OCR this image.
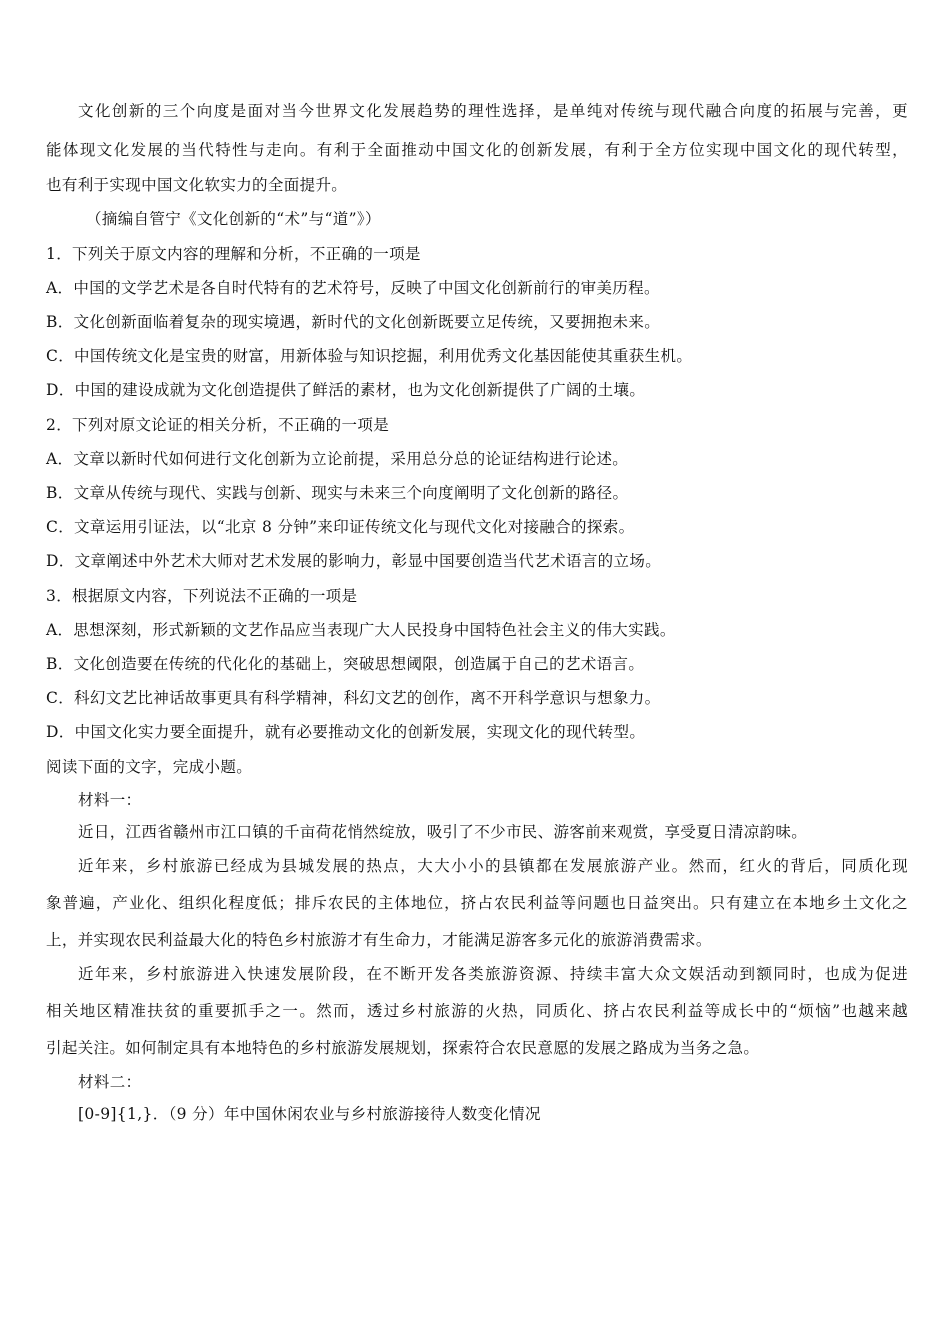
文化创新的三个向度是面对当今世界文化发展趋势的理性选择，是单纯对传统与现代融合向度的拓展与完善，更
能体现文化发展的当代特性与走向。有利于全面推动中国文化的创新发展，有利于全方位实现中国文化的现代转型，
也有利于实现中国文化软实力的全面提升。
（摘编自管宁《文化创新的“术”与“道”》）
1．下列关于原文内容的理解和分析，不正确的一项是
A．中国的文学艺术是各自时代特有的艺术符号，反映了中国文化创新前行的审美历程。
B．文化创新面临着复杂的现实境遇，新时代的文化创新既要立足传统，又要拥抱未来。
C．中国传统文化是宝贵的财富，用新体验与知识挖掘，利用优秀文化基因能使其重获生机。
D．中国的建设成就为文化创造提供了鲜活的素材，也为文化创新提供了广阔的土壤。
2．下列对原文论证的相关分析，不正确的一项是
A．文章以新时代如何进行文化创新为立论前提，采用总分总的论证结构进行论述。
B．文章从传统与现代、实践与创新、现实与未来三个向度阐明了文化创新的路径。
C．文章运用引证法，以“北京 8 分钟”来印证传统文化与现代文化对接融合的探索。
D．文章阐述中外艺术大师对艺术发展的影响力，彰显中国要创造当代艺术语言的立场。
3．根据原文内容，下列说法不正确的一项是
A．思想深刻，形式新颖的文艺作品应当表现广大人民投身中国特色社会主义的伟大实践。
B．文化创造要在传统的代化化的基础上，突破思想阈限，创造属于自己的艺术语言。
C．科幻文艺比神话故事更具有科学精神，科幻文艺的创作，离不开科学意识与想象力。
D．中国文化实力要全面提升，就有必要推动文化的创新发展，实现文化的现代转型。
阅读下面的文字，完成小题。
材料一：
近日，江西省赣州市江口镇的千亩荷花悄然绽放，吸引了不少市民、游客前来观赏，享受夏日清凉韵味。
近年来，乡村旅游已经成为县城发展的热点，大大小小的县镇都在发展旅游产业。然而，红火的背后，同质化现
象普遍，产业化、组织化程度低；排斥农民的主体地位，挤占农民利益等问题也日益突出。只有建立在本地乡土文化之
上，并实现农民利益最大化的特色乡村旅游才有生命力，才能满足游客多元化的旅游消费需求。
近年来，乡村旅游进入快速发展阶段，在不断开发各类旅游资源、持续丰富大众文娱活动到额同时，也成为促进
相关地区精准扶贫的重要抓手之一。然而，透过乡村旅游的火热，同质化、挤占农民利益等成长中的“烦恼”也越来越
引起关注。如何制定具有本地特色的乡村旅游发展规划，探索符合农民意愿的发展之路成为当务之急。
材料二：
[0-9]{1,}．（9 分）年中国休闲农业与乡村旅游接待人数变化情况
